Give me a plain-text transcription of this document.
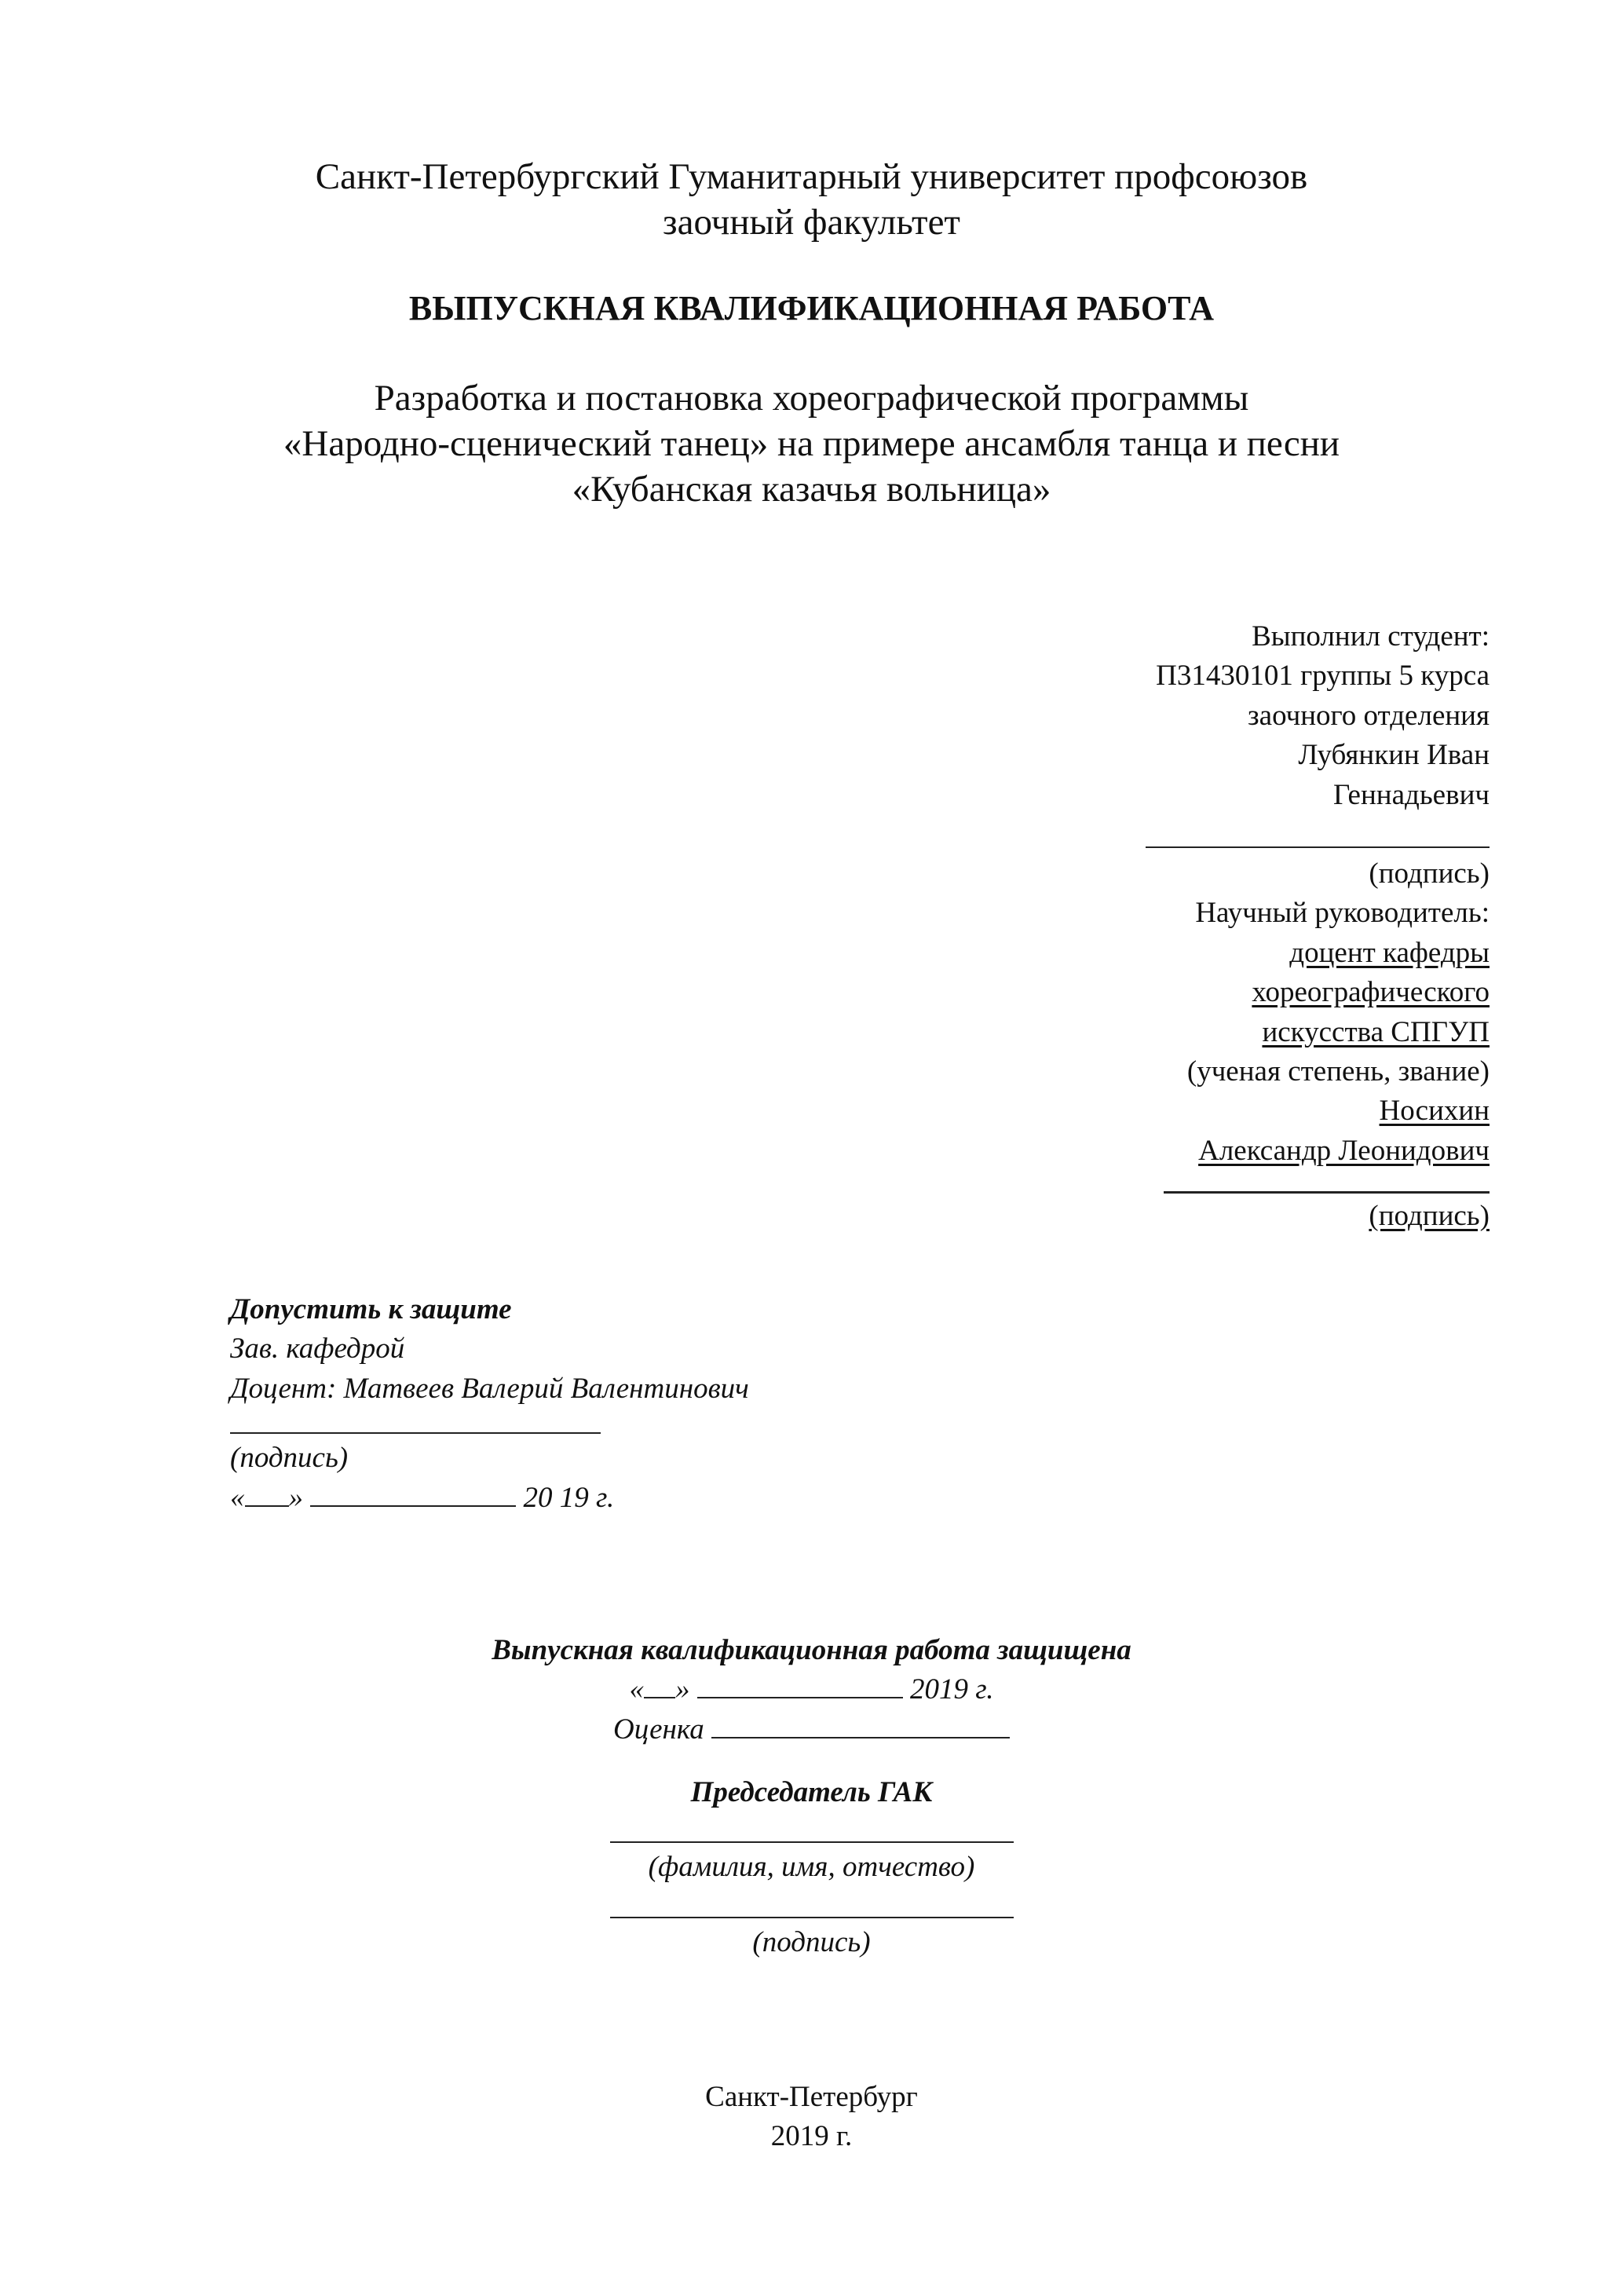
Санкт-Петербургский Гуманитарный университет профсоюзов

заочный факультет

ВЫПУСКНАЯ КВАЛИФИКАЦИОННАЯ РАБОТА

Разработка и постановка хореографической программы

«Народно-сценический танец» на примере ансамбля танца и песни

«Кубанская казачья вольница»

Выполнил студент:

П31430101 группы 5 курса

заочного отделения

Лубянкин Иван

Геннадьевич

(подпись)

Научный руководитель:

доцент кафедры

хореографического

искусства СПГУП

(ученая степень, звание)

Носихин

Александр Леонидович

(подпись)

Допустить к защите

Зав. кафедрой

Доцент: Матвеев Валерий Валентинович

(подпись)

« »	20 19 г.

Выпускная квалификационная работа защищена

« »	2019 г.

Оценка

Председатель ГАК

(фамилия, имя, отчество)

(подпись)

Санкт-Петербург

2019 г.
